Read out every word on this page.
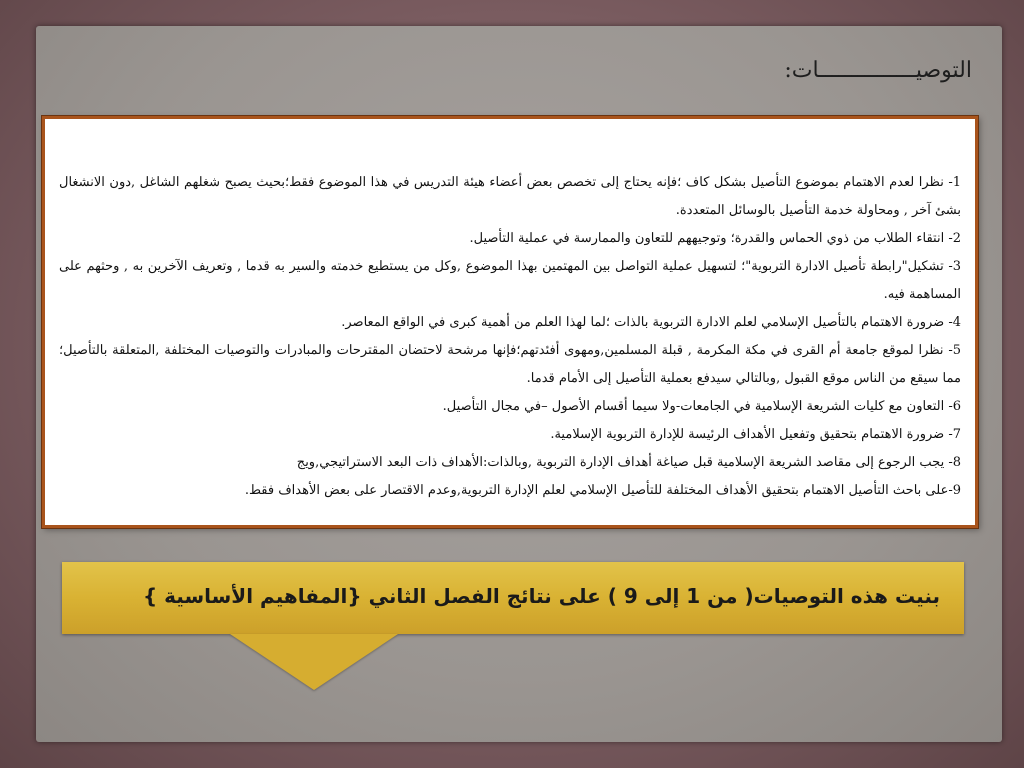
التوصيـــــــــــــــات:

1- نظرا لعدم الاهتمام بموضوع التأصيل بشكل كاف ؛فإنه يحتاج إلى تخصص بعض أعضاء هيئة التدريس في هذا الموضوع فقط؛بحيث يصبح شغلهم الشاغل ,دون الانشغال بشئ آخر , ومحاولة خدمة التأصيل بالوسائل المتعددة.

2- انتقاء الطلاب من ذوي الحماس والقدرة؛ وتوجيههم للتعاون والممارسة في عملية التأصيل.

3- تشكيل"رابطة تأصيل الادارة التربوية"؛ لتسهيل عملية التواصل بين المهتمين بهذا الموضوع ,وكل من يستطيع خدمته والسير به قدما , وتعريف الآخرين به , وحثهم على المساهمة فيه.

4- ضرورة الاهتمام بالتأصيل الإسلامي لعلم الادارة التربوية بالذات ؛لما لهذا العلم من أهمية كبرى في الواقع المعاصر.

5- نظرا لموقع جامعة أم القرى في مكة المكرمة , قبلة المسلمين,ومهوى أفئدتهم؛فإنها مرشحة لاحتضان المقترحات والمبادرات والتوصيات المختلفة ,المتعلقة بالتأصيل؛مما سيقع من الناس موقع القبول ,وبالتالي سيدفع بعملية التأصيل إلى الأمام قدما.

6- التعاون مع كليات الشريعة الإسلامية في الجامعات-ولا سيما أقسام الأصول –في مجال التأصيل.

7- ضرورة الاهتمام بتحقيق وتفعيل الأهداف الرئيسة للإدارة التربوية الإسلامية.

8- يجب الرجوع إلى مقاصد الشريعة الإسلامية قبل صياغة أهداف الإدارة التربوية ,وبالذات:الأهداف ذات البعد الاستراتيجي,ويج

9-على باحث التأصيل الاهتمام بتحقيق الأهداف المختلفة للتأصيل الإسلامي لعلم الإدارة التربوية,وعدم الاقتصار على بعض الأهداف فقط.

بنيت هذه التوصيات( من 1 إلى 9 ) على نتائج الفصل الثاني {المفاهيم الأساسية }
